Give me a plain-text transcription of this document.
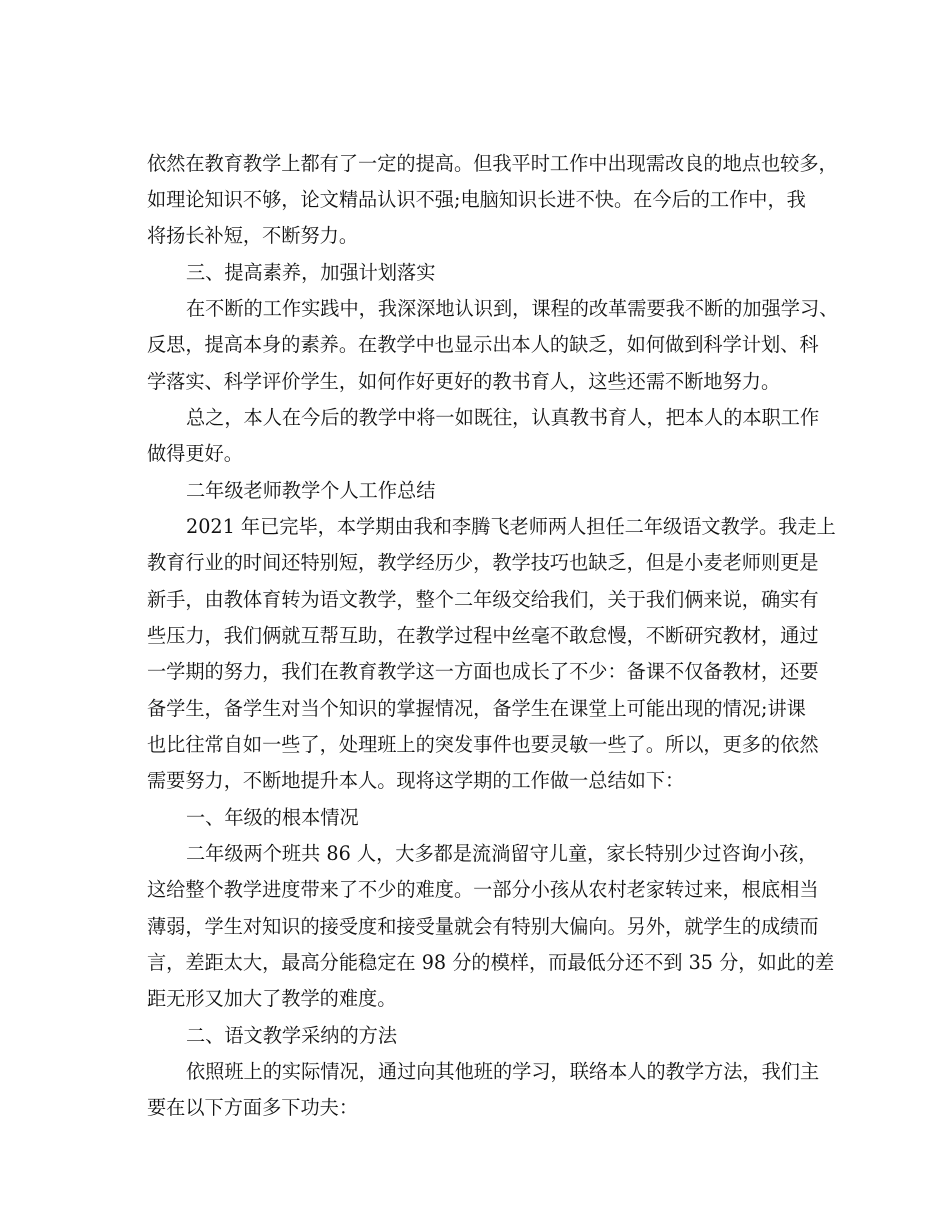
依然在教育教学上都有了一定的提高。但我平时工作中出现需改良的地点也较多，
如理论知识不够，论文精品认识不强;电脑知识长进不快。在今后的工作中，我
将扬长补短，不断努力。
三、提高素养，加强计划落实
在不断的工作实践中，我深深地认识到，课程的改革需要我不断的加强学习、
反思，提高本身的素养。在教学中也显示出本人的缺乏，如何做到科学计划、科
学落实、科学评价学生，如何作好更好的教书育人，这些还需不断地努力。
总之，本人在今后的教学中将一如既往，认真教书育人，把本人的本职工作
做得更好。
二年级老师教学个人工作总结
2021 年已完毕，本学期由我和李腾飞老师两人担任二年级语文教学。我走上
教育行业的时间还特别短，教学经历少，教学技巧也缺乏，但是小麦老师则更是
新手，由教体育转为语文教学，整个二年级交给我们，关于我们俩来说，确实有
些压力，我们俩就互帮互助，在教学过程中丝毫不敢怠慢，不断研究教材，通过
一学期的努力，我们在教育教学这一方面也成长了不少：备课不仅备教材，还要
备学生，备学生对当个知识的掌握情况，备学生在课堂上可能出现的情况;讲课
也比往常自如一些了，处理班上的突发事件也要灵敏一些了。所以，更多的依然
需要努力，不断地提升本人。现将这学期的工作做一总结如下：
一、年级的根本情况
二年级两个班共 86 人，大多都是流淌留守儿童，家长特别少过咨询小孩，
这给整个教学进度带来了不少的难度。一部分小孩从农村老家转过来，根底相当
薄弱，学生对知识的接受度和接受量就会有特别大偏向。另外，就学生的成绩而
言，差距太大，最高分能稳定在 98 分的模样，而最低分还不到 35 分，如此的差
距无形又加大了教学的难度。
二、语文教学采纳的方法
依照班上的实际情况，通过向其他班的学习，联络本人的教学方法，我们主
要在以下方面多下功夫：
